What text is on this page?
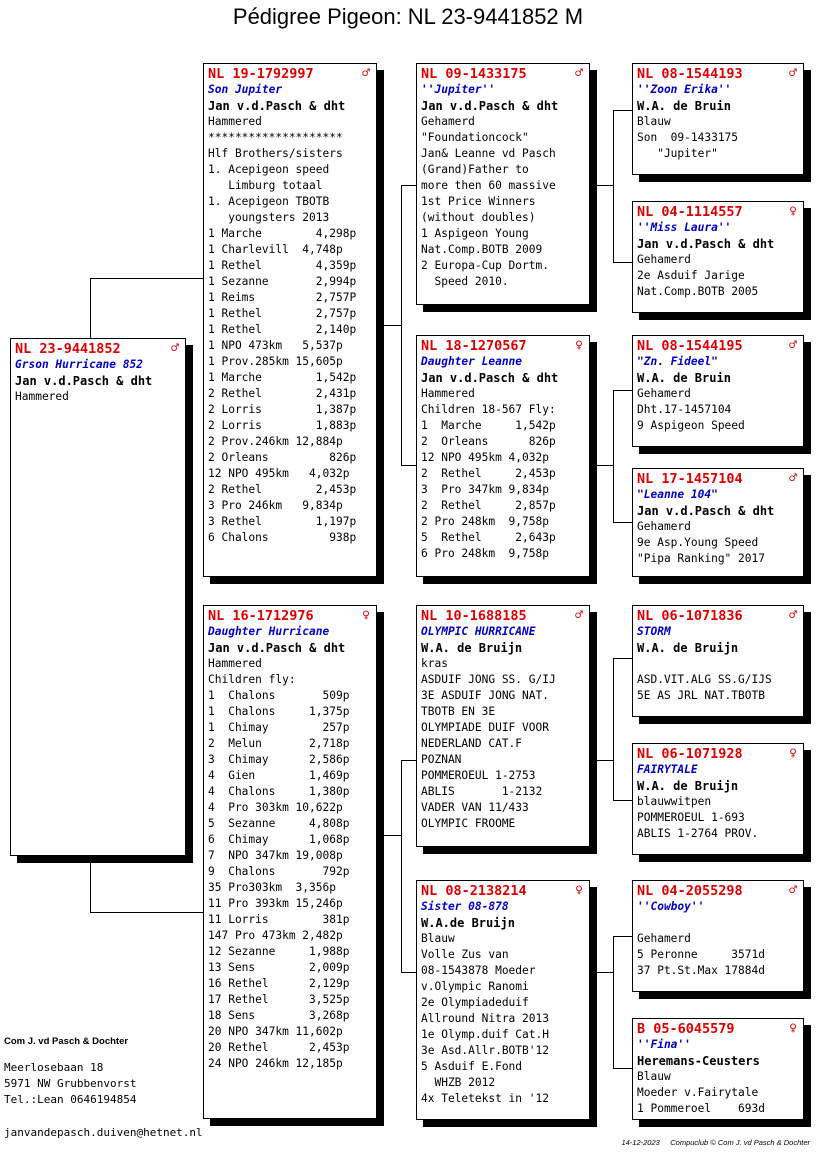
Pédigree Pigeon: NL 23-9441852 M
NL 23-9441852	♂
Grson Hurricane 852
Jan v.d.Pasch & dht
Hammered
NL 19-1792997	♂
Son Jupiter
Jan v.d.Pasch & dht
Hammered
********************
Hlf Brothers/sisters
1. Acepigeon speed
Limburg totaal
1. Acepigeon TBOTB
youngsters 2013
1 Marche        4,298p
1 Charlevill  4,748p
1 Rethel        4,359p
1 Sezanne       2,994p
1 Reims         2,757P
1 Rethel        2,757p
1 Rethel        2,140p
1 NPO 473km   5,537p
1 Prov.285km 15,605p
1 Marche        1,542p
2 Rethel        2,431p
2 Lorris        1,387p
2 Lorris        1,883p
2 Prov.246km 12,884p
2 Orleans         826p
12 NPO 495km   4,032p
2 Rethel        2,453p
3 Pro 246km   9,834p
3 Rethel        1,197p
6 Chalons         938p
NL 16-1712976	♀
Daughter Hurricane
Jan v.d.Pasch & dht
Hammered
Children fly:
1  Chalons       509p
1  Chalons     1,375p
1  Chimay        257p
2  Melun       2,718p
3  Chimay      2,586p
4  Gien        1,469p
4  Chalons     1,380p
4  Pro 303km 10,622p
5  Sezanne     4,808p
6  Chimay      1,068p
7  NPO 347km 19,008p
9  Chalons       792p
35 Pro303km  3,356p
11 Pro 393km 15,246p
11 Lorris        381p
147 Pro 473km 2,482p
12 Sezanne     1,988p
13 Sens        2,009p
16 Rethel      2,129p
17 Rethel      3,525p
18 Sens        3,268p
20 NPO 347km 11,602p
20 Rethel      2,453p
24 NPO 246km 12,185p
NL 09-1433175	♂
''Jupiter''
Jan v.d.Pasch & dht
Gehamerd
"Foundationcock"
Jan& Leanne vd Pasch
(Grand)Father to
more then 60 massive
1st Price Winners
(without doubles)
1 Aspigeon Young
Nat.Comp.BOTB 2009
2 Europa-Cup Dortm.
Speed 2010.
NL 18-1270567	♀
Daughter Leanne
Jan v.d.Pasch & dht
Hammered
Children 18-567 Fly:
1  Marche     1,542p
2  Orleans      826p
12 NPO 495km 4,032p
2  Rethel     2,453p
3  Pro 347km 9,834p
2  Rethel     2,857p
2 Pro 248km  9,758p
5  Rethel     2,643p
6 Pro 248km  9,758p
NL 10-1688185	♂
OLYMPIC HURRICANE
W.A. de Bruijn
kras
ASDUIF JONG SS. G/IJ
3E ASDUIF JONG NAT.
TBOTB EN 3E
OLYMPIADE DUIF VOOR
NEDERLAND CAT.F
POZNAN
POMMEROEUL 1-2753
ABLIS       1-2132
VADER VAN 11/433
OLYMPIC FROOME
NL 08-2138214	♀
Sister 08-878
W.A.de Bruijn
Blauw
Volle Zus van
08-1543878 Moeder
v.Olympic Ranomi
2e Olympiadeduif
Allround Nitra 2013
1e Olymp.duif Cat.H
3e Asd.Allr.BOTB'12
5 Asduif E.Fond
WHZB 2012
4x Teletekst in '12
NL 08-1544193	♂
''Zoon Erika''
W.A. de Bruin
Blauw
Son  09-1433175
"Jupiter"
NL 04-1114557	♀
''Miss Laura''
Jan v.d.Pasch & dht
Gehamerd
2e Asduif Jarige
Nat.Comp.BOTB 2005
NL 08-1544195	♂
"Zn. Fideel"
W.A. de Bruin
Gehamerd
Dht.17-1457104
9 Aspigeon Speed
NL 17-1457104	♂
"Leanne 104"
Jan v.d.Pasch & dht
Gehamerd
9e Asp.Young Speed
"Pipa Ranking" 2017
NL 06-1071836	♂
STORM
W.A. de Bruijn
ASD.VIT.ALG SS.G/IJS
5E AS JRL NAT.TBOTB
NL 06-1071928	♀
FAIRYTALE
W.A. de Bruijn
blauwwitpen
POMMEROEUL 1-693
ABLIS 1-2764 PROV.
NL 04-2055298	♂
''Cowboy''
Gehamerd
5 Peronne     3571d
37 Pt.St.Max 17884d
B 05-6045579	♀
''Fina''
Heremans-Ceusters
Blauw
Moeder v.Fairytale
1 Pommeroel    693d
Com J. vd Pasch & Dochter
Meerlosebaan 18
5971 NW Grubbenvorst
Tel.:Lean 0646194854
janvandepasch.duiven@hetnet.nl
14-12-2023 Compuclub © Com J. vd Pasch & Dochter
